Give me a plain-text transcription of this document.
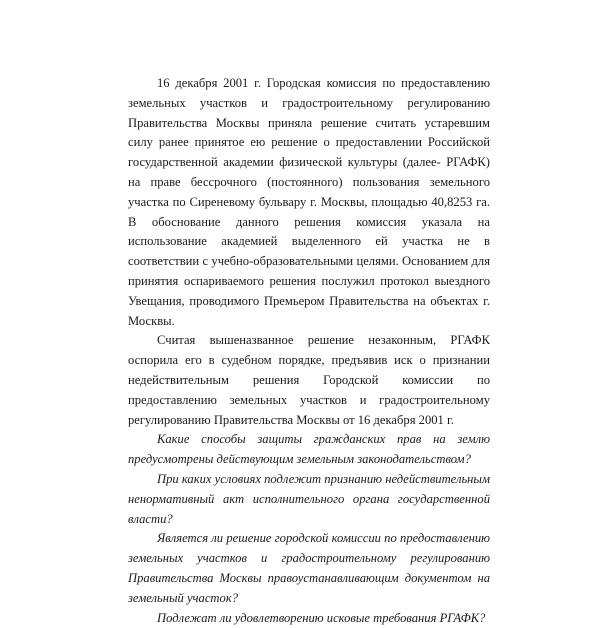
16 декабря 2001 г. Городская комиссия по предоставлению земельных участков и градостроительному регулированию Правительства Москвы приняла решение считать устаревшим силу ранее принятое ею решение о предоставлении Российской государственной академии физической культуры (далее- РГАФК) на праве бессрочного (постоянного) пользования земельного участка по Сиреневому бульвару г. Москвы, площадью 40,8253 га. В обоснование данного решения комиссия указала на использование академией выделенного ей участка не в соответствии с учебно-образовательными целями. Основанием для принятия оспариваемого решения послужил протокол выездного Увещания, проводимого Премьером Правительства на объектах г. Москвы.

Считая вышеназванное решение незаконным, РГАФК оспорила его в судебном порядке, предъявив иск о признании недействительным решения Городской комиссии по предоставлению земельных участков и градостроительному регулированию Правительства Москвы от 16 декабря 2001 г.

Какие способы защиты гражданских прав на землю предусмотрены действующим земельным законодательством?

При каких условиях подлежит признанию недействительным ненормативный акт исполнительного органа государственной власти?

Является ли решение городской комиссии по предоставлению земельных участков и градостроительному регулированию Правительства Москвы правоустанавливающим документом на земельный участок?

Подлежат ли удовлетворению исковые требования РГАФК?
